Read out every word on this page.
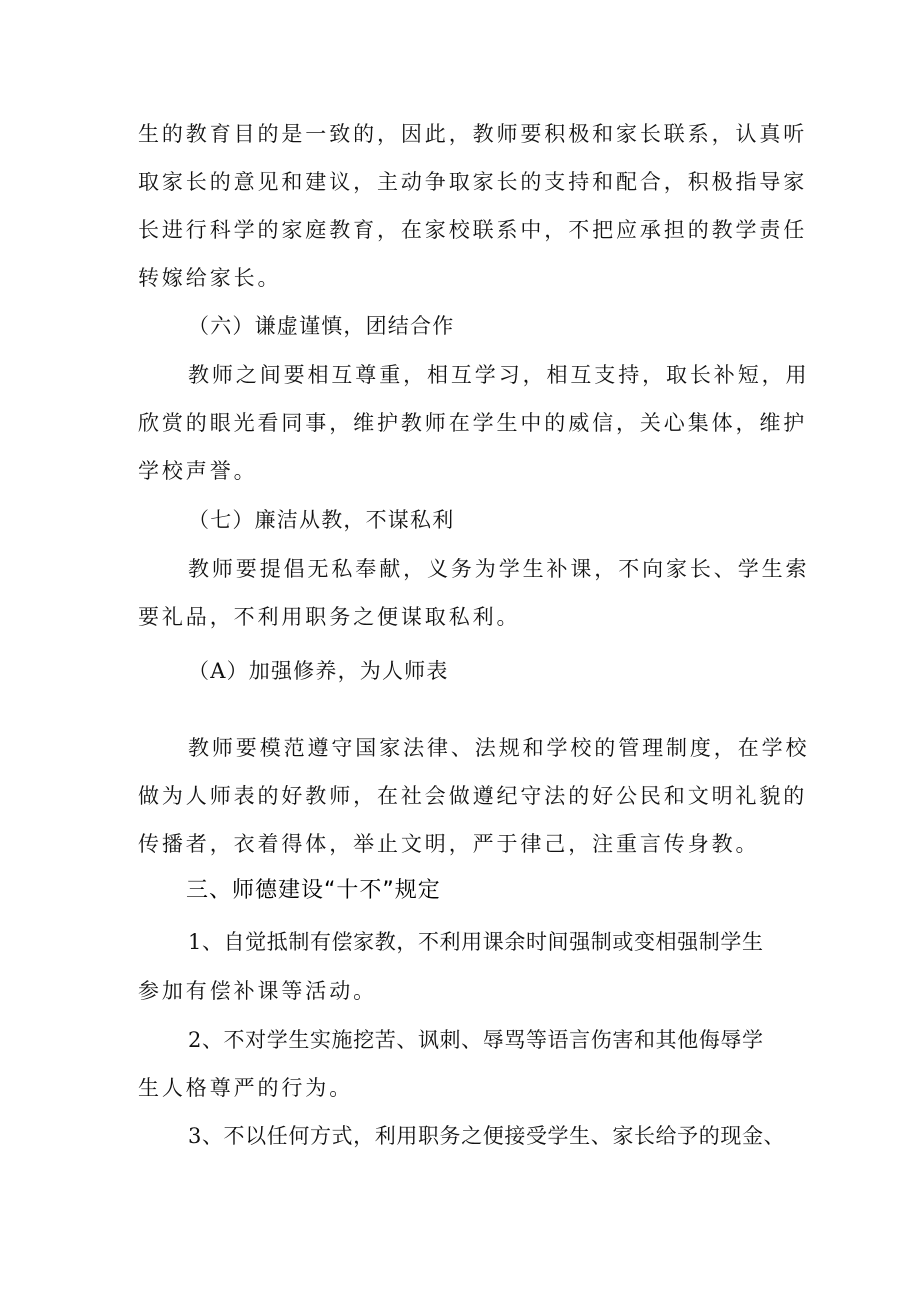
生的教育目的是一致的，因此，教师要积极和家长联系，认真听
取家长的意见和建议，主动争取家长的支持和配合，积极指导家
长进行科学的家庭教育，在家校联系中，不把应承担的教学责任
转嫁给家长。
（六）谦虚谨慎，团结合作
教师之间要相互尊重，相互学习，相互支持，取长补短，用
欣赏的眼光看同事，维护教师在学生中的威信，关心集体，维护
学校声誉。
（七）廉洁从教，不谋私利
教师要提倡无私奉献，义务为学生补课，不向家长、学生索
要礼品，不利用职务之便谋取私利。
（A）加强修养，为人师表
教师要模范遵守国家法律、法规和学校的管理制度，在学校
做为人师表的好教师，在社会做遵纪守法的好公民和文明礼貌的
传播者，衣着得体，举止文明，严于律己，注重言传身教。
三、师德建设“十不”规定
1、自觉抵制有偿家教，不利用课余时间强制或变相强制学生
参加有偿补课等活动。
2、不对学生实施挖苦、讽刺、辱骂等语言伤害和其他侮辱学
生人格尊严的行为。
3、不以任何方式，利用职务之便接受学生、家长给予的现金、
